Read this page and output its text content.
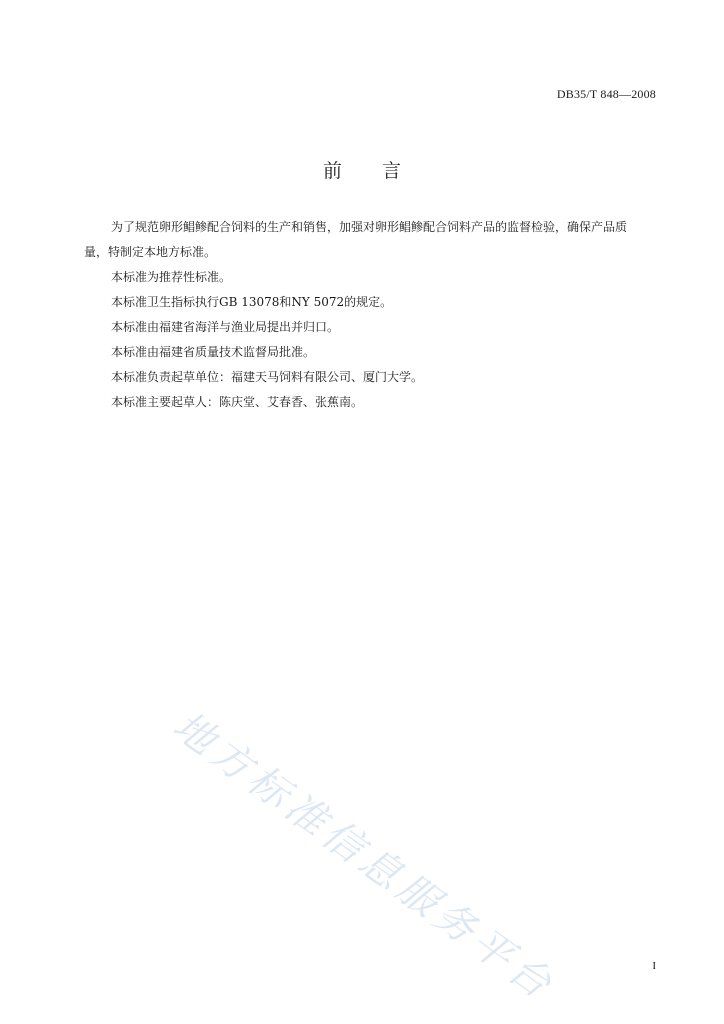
DB35/T 848—2008
前 言

为了规范卵形鲳鲹配合饲料的生产和销售，加强对卵形鲳鲹配合饲料产品的监督检验，确保产品质

量，特制定本地方标准。

本标准为推荐性标准。

本标准卫生指标执行GB 13078和NY 5072的规定。

本标准由福建省海洋与渔业局提出并归口。

本标准由福建省质量技术监督局批准。

本标准负责起草单位：福建天马饲料有限公司、厦门大学。

本标准主要起草人：陈庆堂、艾春香、张蕉南。

地方标准信息服务平台	I
